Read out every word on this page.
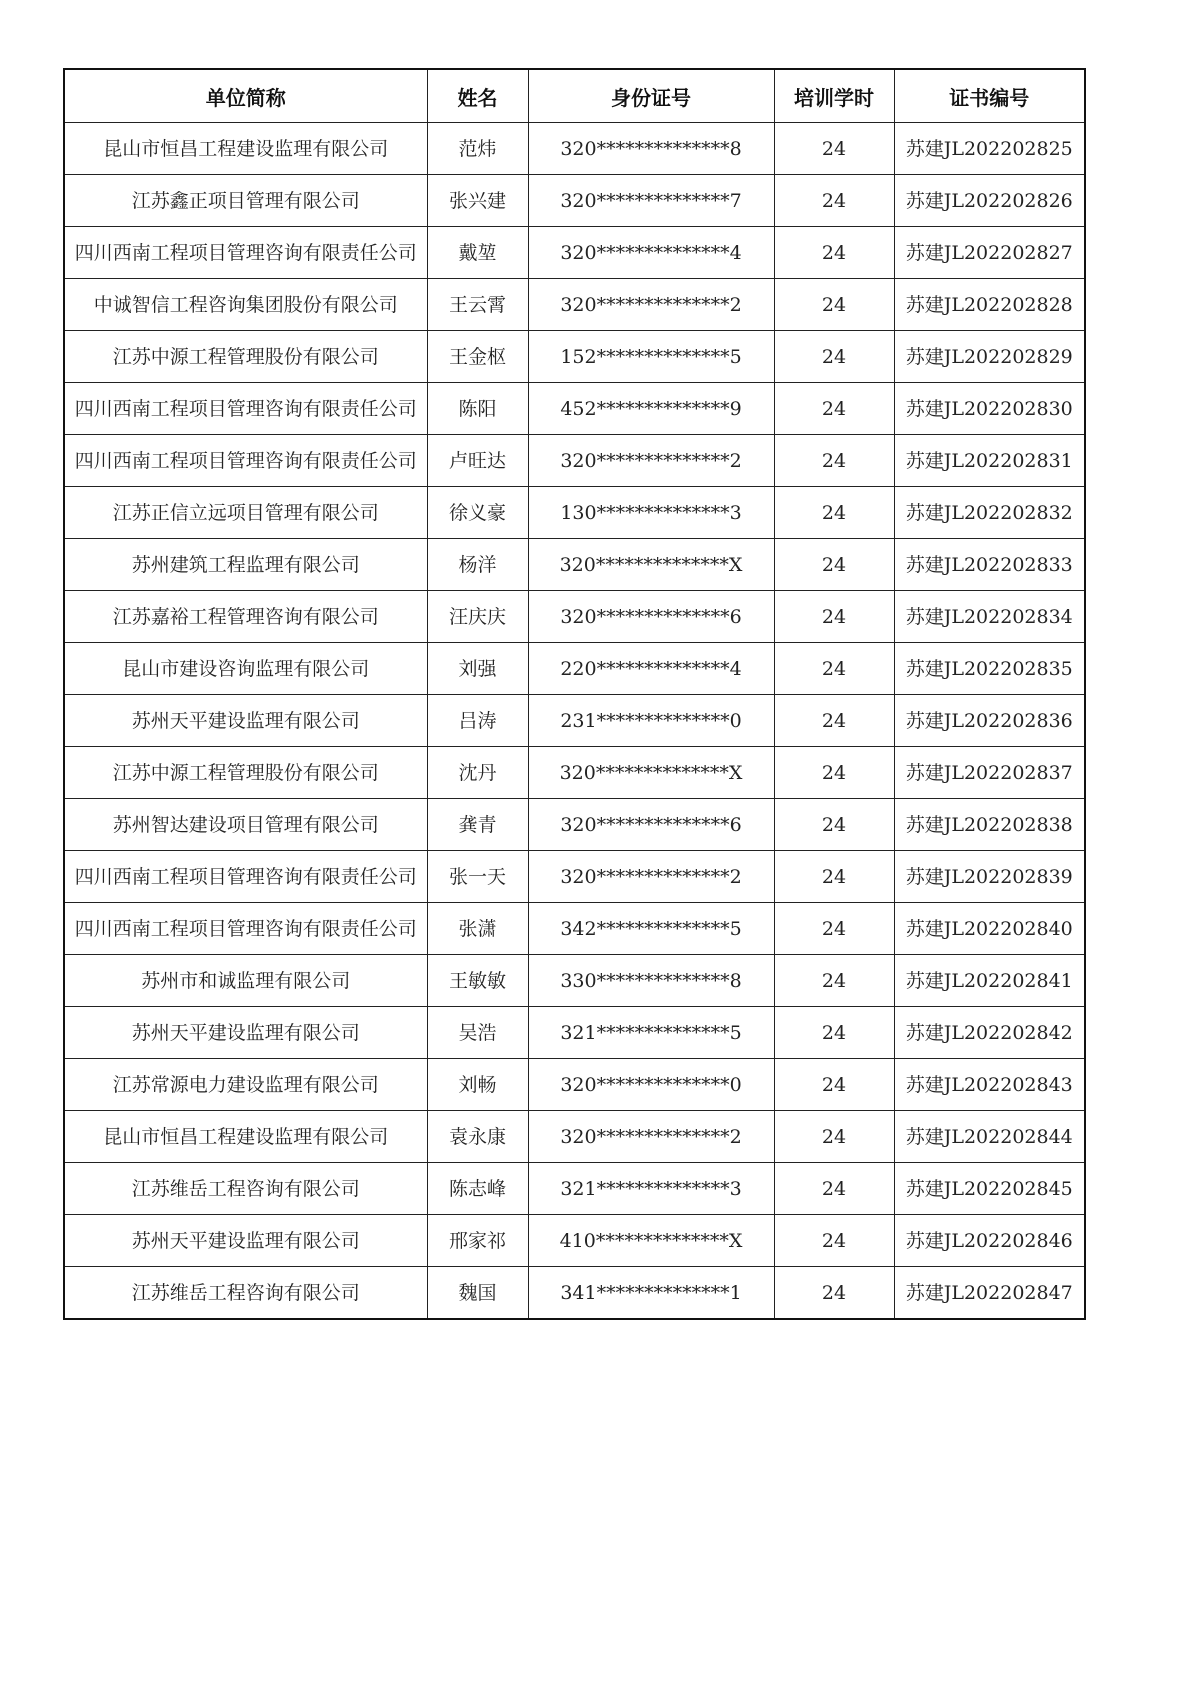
单位简称	姓名	身份证号	培训学时	证书编号
昆山市恒昌工程建设监理有限公司	范炜	320**************8	24	苏建JL202202825
江苏鑫正项目管理有限公司	张兴建	320**************7	24	苏建JL202202826
四川西南工程项目管理咨询有限责任公司	戴堃	320**************4	24	苏建JL202202827
中诚智信工程咨询集团股份有限公司	王云霄	320**************2	24	苏建JL202202828
江苏中源工程管理股份有限公司	王金枢	152**************5	24	苏建JL202202829
四川西南工程项目管理咨询有限责任公司	陈阳	452**************9	24	苏建JL202202830
四川西南工程项目管理咨询有限责任公司	卢旺达	320**************2	24	苏建JL202202831
江苏正信立远项目管理有限公司	徐义豪	130**************3	24	苏建JL202202832
苏州建筑工程监理有限公司	杨洋	320**************X	24	苏建JL202202833
江苏嘉裕工程管理咨询有限公司	汪庆庆	320**************6	24	苏建JL202202834
昆山市建设咨询监理有限公司	刘强	220**************4	24	苏建JL202202835
苏州天平建设监理有限公司	吕涛	231**************0	24	苏建JL202202836
江苏中源工程管理股份有限公司	沈丹	320**************X	24	苏建JL202202837
苏州智达建设项目管理有限公司	龚青	320**************6	24	苏建JL202202838
四川西南工程项目管理咨询有限责任公司	张一天	320**************2	24	苏建JL202202839
四川西南工程项目管理咨询有限责任公司	张潇	342**************5	24	苏建JL202202840
苏州市和诚监理有限公司	王敏敏	330**************8	24	苏建JL202202841
苏州天平建设监理有限公司	吴浩	321**************5	24	苏建JL202202842
江苏常源电力建设监理有限公司	刘畅	320**************0	24	苏建JL202202843
昆山市恒昌工程建设监理有限公司	袁永康	320**************2	24	苏建JL202202844
江苏维岳工程咨询有限公司	陈志峰	321**************3	24	苏建JL202202845
苏州天平建设监理有限公司	邢家祁	410**************X	24	苏建JL202202846
江苏维岳工程咨询有限公司	魏国	341**************1	24	苏建JL202202847
